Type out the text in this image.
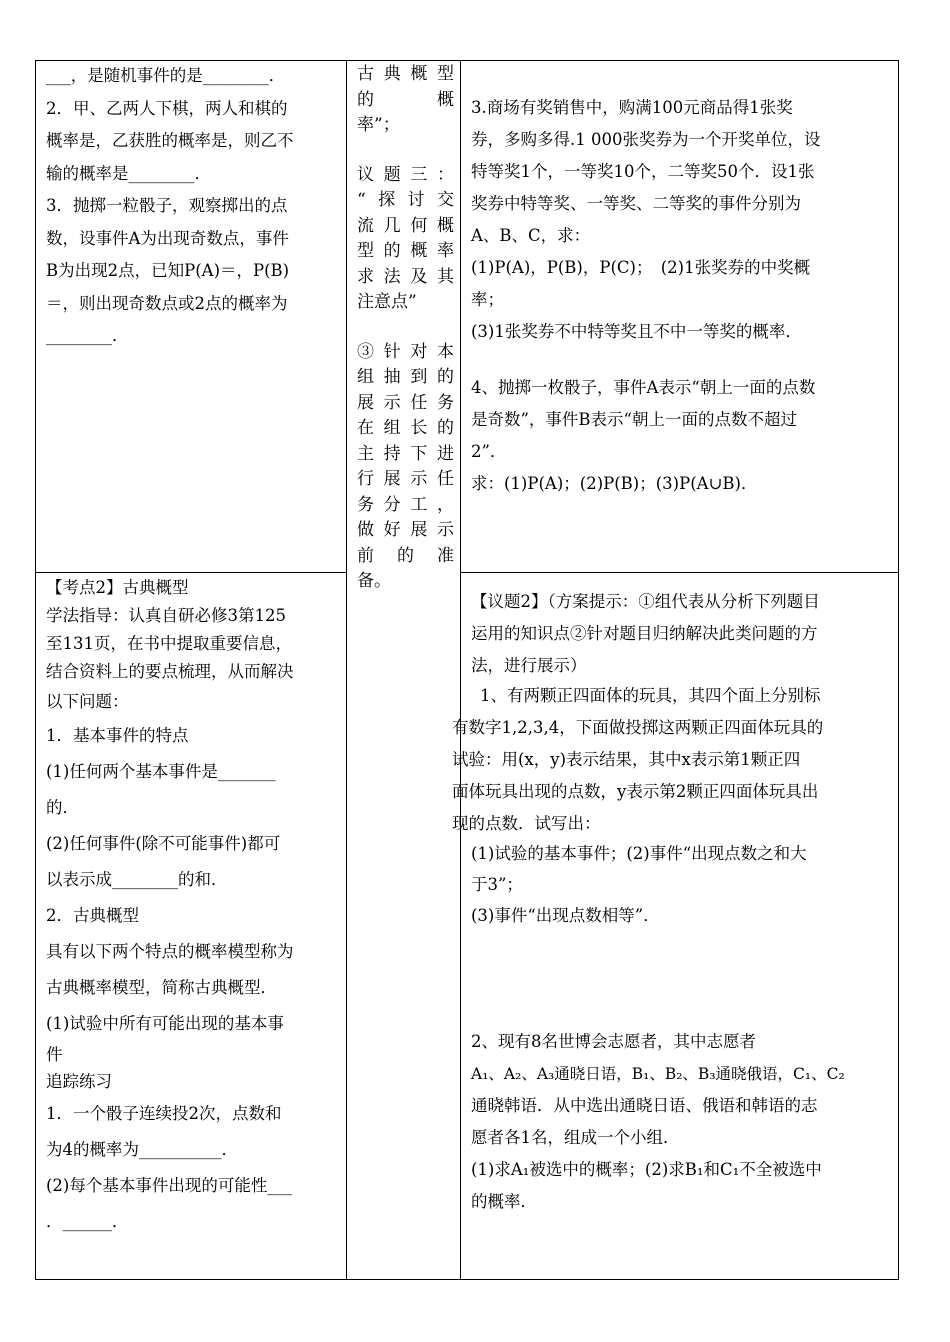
___，是随机事件的是________．

2．甲、乙两人下棋，两人和棋的

概率是，乙获胜的概率是，则乙不

输的概率是________．

3．抛掷一粒骰子，观察掷出的点

数，设事件A为出现奇数点，事件

B为出现2点，已知P(A)＝，P(B)

＝，则出现奇数点或2点的概率为

________．

古典概型

的　　概

率”；

议题三：

“探讨交

流几何概

型的概率

求法及其

注意点”

③针对本

组抽到的

展示任务

在组长的

主持下进

行展示任

务分工，

做好展示

前的准

备。

3.商场有奖销售中，购满100元商品得1张奖

券，多购多得.1 000张奖券为一个开奖单位，设

特等奖1个，一等奖10个，二等奖50个．设1张

奖券中特等奖、一等奖、二等奖的事件分别为

A、B、C，求：

(1)P(A)，P(B)，P(C)；　(2)1张奖券的中奖概

率；

(3)1张奖券不中特等奖且不中一等奖的概率．

4、抛掷一枚骰子，事件A表示“朝上一面的点数

是奇数”，事件B表示“朝上一面的点数不超过

2”．

求：(1)P(A)；(2)P(B)；(3)P(A∪B)．

【考点2】古典概型

学法指导：认真自研必修3第125

至131页，在书中提取重要信息，

结合资料上的要点梳理，从而解决

以下问题：

1．基本事件的特点

(1)任何两个基本事件是_______

的．

(2)任何事件(除不可能事件)都可

以表示成________的和．

2．古典概型

具有以下两个特点的概率模型称为

古典概率模型，简称古典概型．

(1)试验中所有可能出现的基本事

件

追踪练习

1．一个骰子连续投2次，点数和

为4的概率为__________．

(2)每个基本事件出现的可能性___

．______．

【议题2】（方案提示：①组代表从分析下列题目

运用的知识点②针对题目归纳解决此类问题的方

法，进行展示）

1、有两颗正四面体的玩具，其四个面上分别标

有数字1,2,3,4，下面做投掷这两颗正四面体玩具的

试验：用(x，y)表示结果，其中x表示第1颗正四

面体玩具出现的点数，y表示第2颗正四面体玩具出

现的点数．试写出：

(1)试验的基本事件；(2)事件“出现点数之和大

于3”；

(3)事件“出现点数相等”．

2、现有8名世博会志愿者，其中志愿者

A₁、A₂、A₃通晓日语，B₁、B₂、B₃通晓俄语，C₁、C₂

通晓韩语．从中选出通晓日语、俄语和韩语的志

愿者各1名，组成一个小组．

(1)求A₁被选中的概率；(2)求B₁和C₁不全被选中

的概率．
